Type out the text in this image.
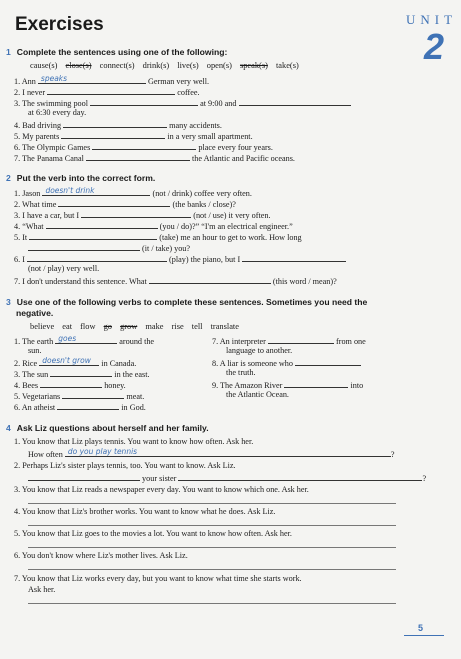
Exercises	UNIT
2
1 Complete the sentences using one of the following:
cause(s) close(s) connect(s) drink(s) live(s) open(s) speak(s) take(s)
1. Ann speaks	German very well.
2. I never	coffee.
3. The swimming pool	at 9:00 and
at 6:30 every day.
4. Bad driving	many accidents.
5. My parents	in a very small apartment.
6. The Olympic Games	place every four years.
7. The Panama Canal	the Atlantic and Pacific oceans.
2 Put the verb into the correct form.
1. Jason doesn't drink	(not / drink) coffee very often.
2. What time	(the banks / close)?
3. I have a car, but I	(not / use) it very often.
4. “What	(you / do)?” “I'm an electrical engineer.”
5. It	(take) me an hour to get to work. How long
(it / take) you?
6. I	(play) the piano, but I
(not / play) very well.
7. I don't understand this sentence. What	(this word / mean)?
3 Use one of the following verbs to complete these sentences. Sometimes you need the
negative.
believe eat flow go grow make rise tell translate
1. The earth goes	around the
sun.
2. Rice doesn't grow in Canada.
3. The sun	in the east.
4. Bees	honey.
5. Vegetarians	meat.
6. An atheist	in God.
7. An interpreter	from one
language to another.
8. A liar is someone who
the truth.
9. The Amazon River	into
the Atlantic Ocean.
4 Ask Liz questions about herself and her family.
1. You know that Liz plays tennis. You want to know how often. Ask her.
How often do you play tennis	?
2. Perhaps Liz's sister plays tennis, too. You want to know. Ask Liz.
your sister	?
3. You know that Liz reads a newspaper every day. You want to know which one. Ask her.
4. You know that Liz's brother works. You want to know what he does. Ask Liz.
5. You know that Liz goes to the movies a lot. You want to know how often. Ask her.
6. You don't know where Liz's mother lives. Ask Liz.
7. You know that Liz works every day, but you want to know what time she starts work.
Ask her.
5
